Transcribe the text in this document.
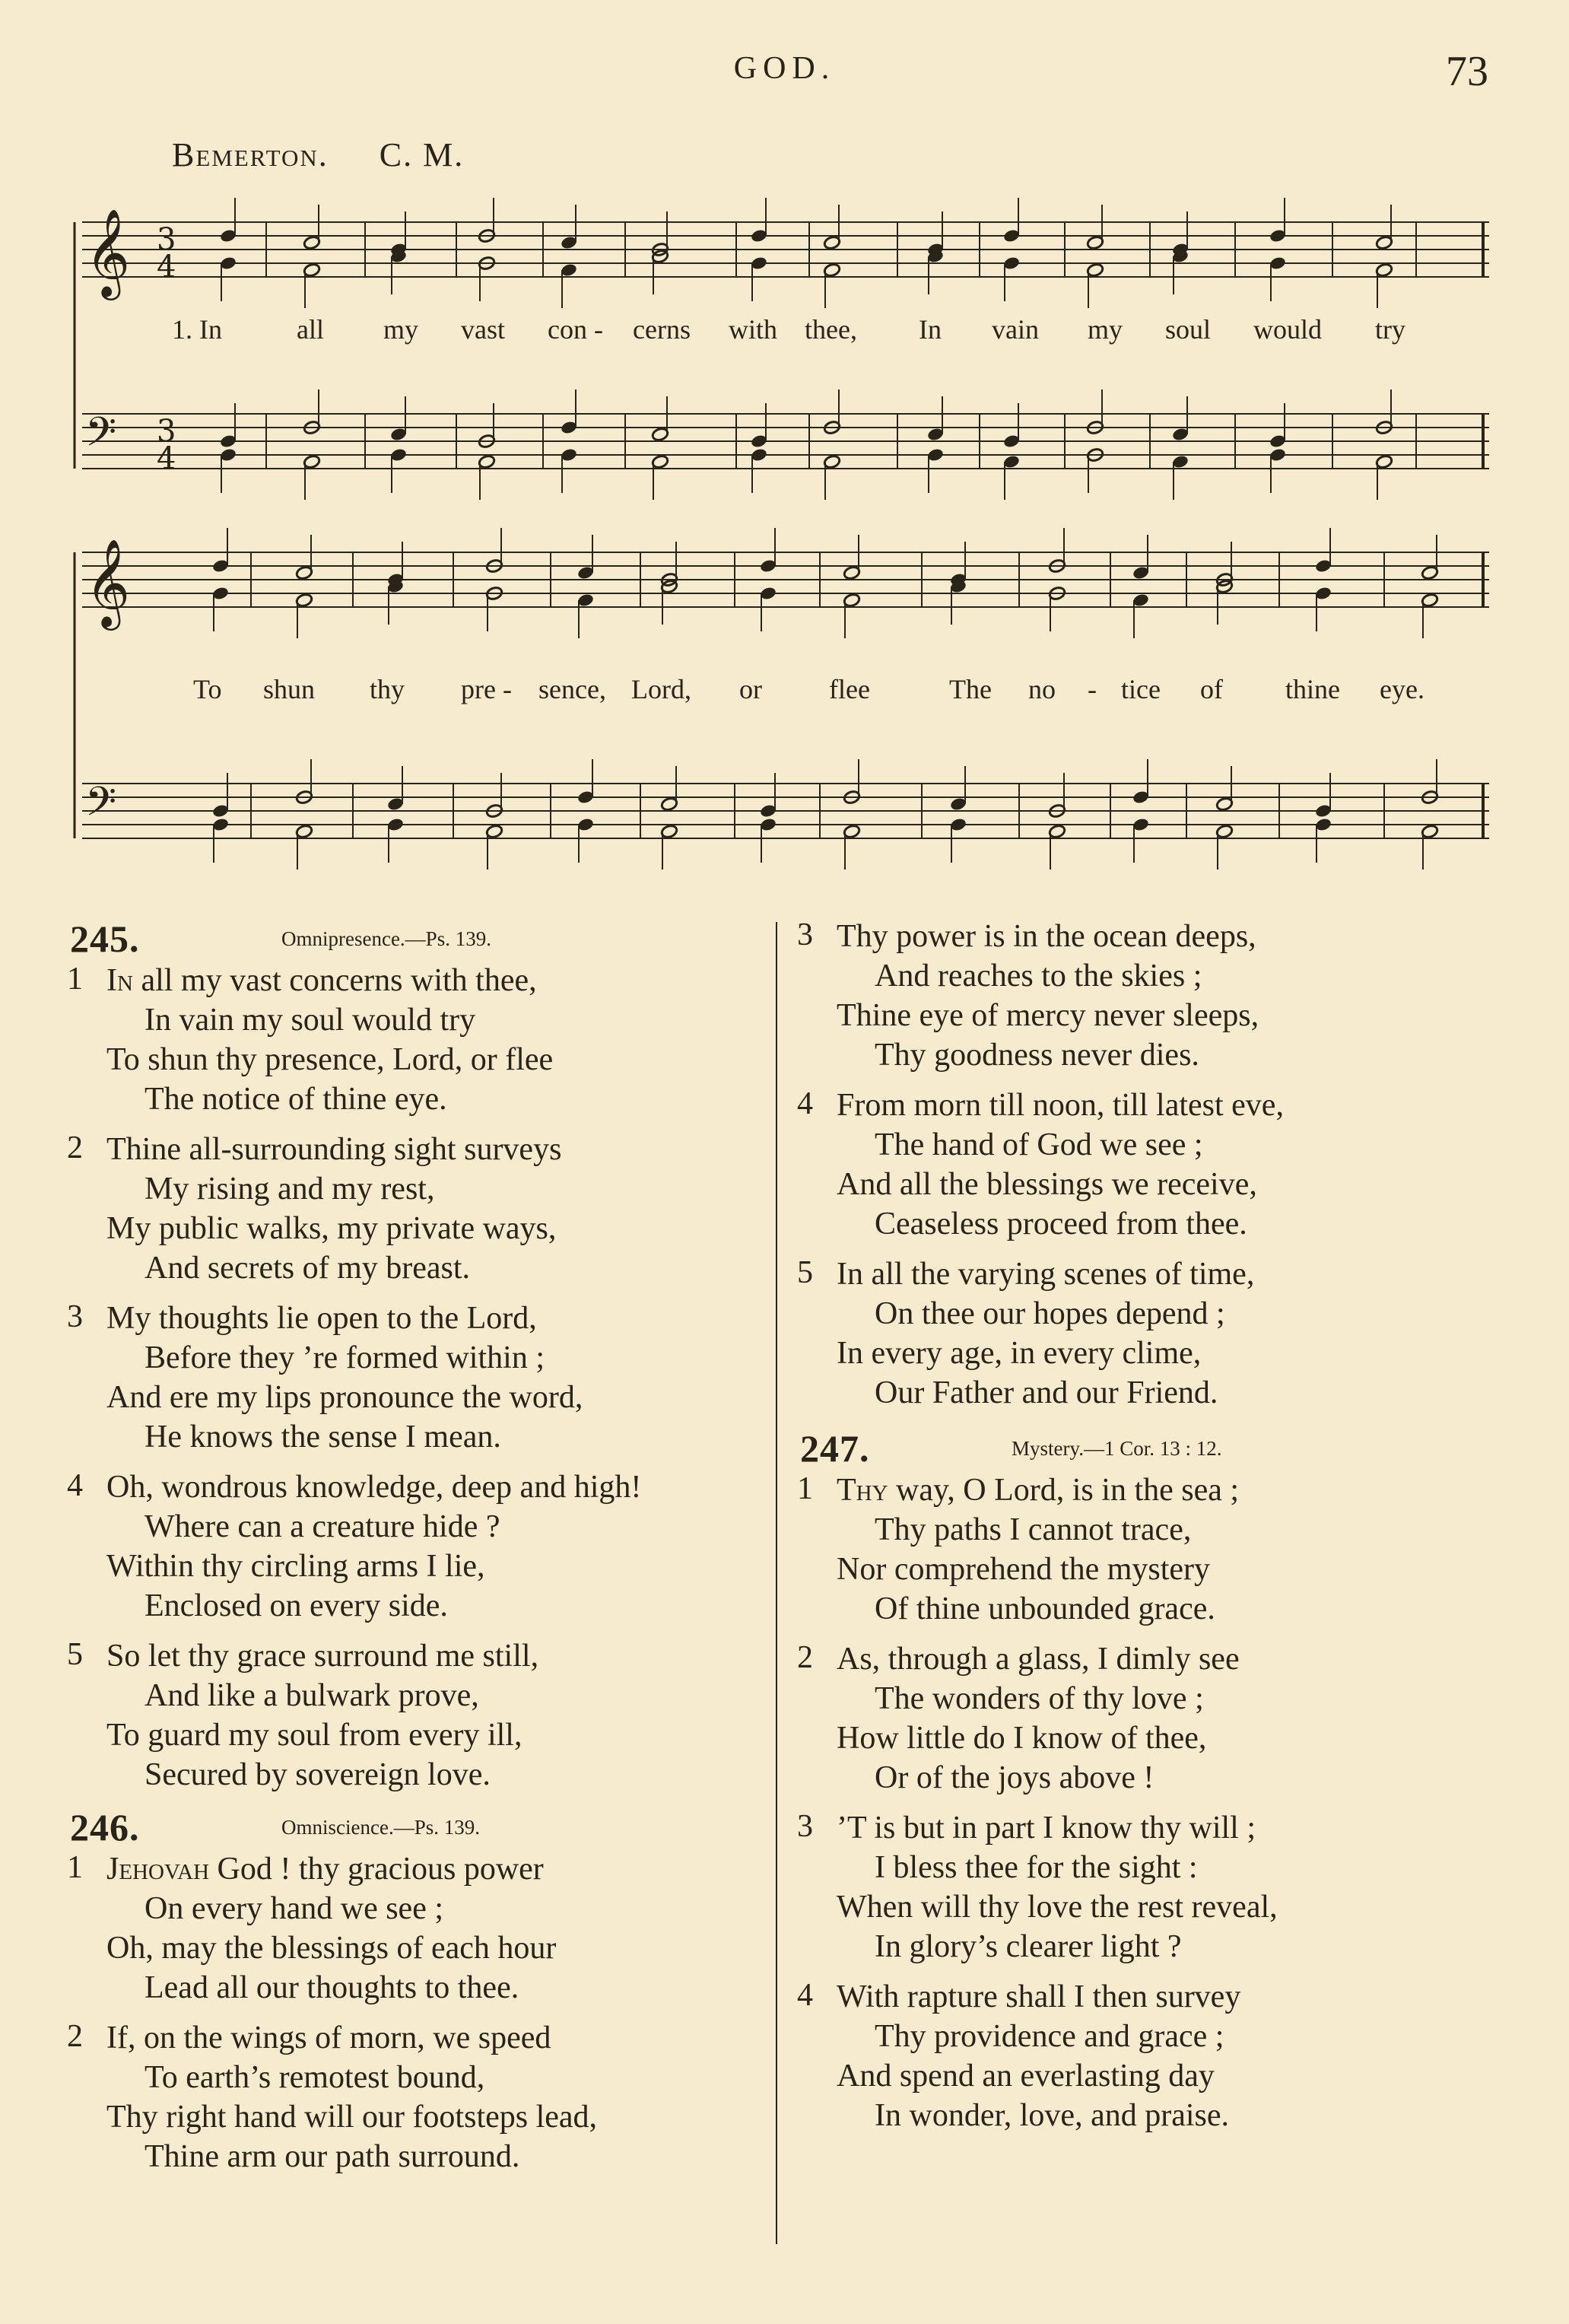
GOD.	73
Bemerton. C. M.
𝄞
𝄢
3
4
3
4
𝄞
𝄢
1. In	all my vast con - cerns with thee, In vain my soul would try
To shun thy pre - sence, Lord, or flee	The no - tice of thine eye.
245.	Omnipresence.—Ps. 139.
1 In all my vast concerns with thee,
In vain my soul would try
To shun thy presence, Lord, or flee
The notice of thine eye.
2 Thine all-surrounding sight surveys
My rising and my rest,
My public walks, my private ways,
And secrets of my breast.
3 My thoughts lie open to the Lord,
Before they ’re formed within ;
And ere my lips pronounce the word,
He knows the sense I mean.
4 Oh, wondrous knowledge, deep and high!
Where can a creature hide ?
Within thy circling arms I lie,
Enclosed on every side.
5 So let thy grace surround me still,
And like a bulwark prove,
To guard my soul from every ill,
Secured by sovereign love.
246.	Omniscience.—Ps. 139.
1 Jehovah God ! thy gracious power
On every hand we see ;
Oh, may the blessings of each hour
Lead all our thoughts to thee.
2 If, on the wings of morn, we speed
To earth’s remotest bound,
Thy right hand will our footsteps lead,
Thine arm our path surround.
3 Thy power is in the ocean deeps,
And reaches to the skies ;
Thine eye of mercy never sleeps,
Thy goodness never dies.
4 From morn till noon, till latest eve,
The hand of God we see ;
And all the blessings we receive,
Ceaseless proceed from thee.
5 In all the varying scenes of time,
On thee our hopes depend ;
In every age, in every clime,
Our Father and our Friend.
247.	Mystery.—1 Cor. 13 : 12.
1 Thy way, O Lord, is in the sea ;
Thy paths I cannot trace,
Nor comprehend the mystery
Of thine unbounded grace.
2 As, through a glass, I dimly see
The wonders of thy love ;
How little do I know of thee,
Or of the joys above !
3 ’T is but in part I know thy will ;
I bless thee for the sight :
When will thy love the rest reveal,
In glory’s clearer light ?
4 With rapture shall I then survey
Thy providence and grace ;
And spend an everlasting day
In wonder, love, and praise.
